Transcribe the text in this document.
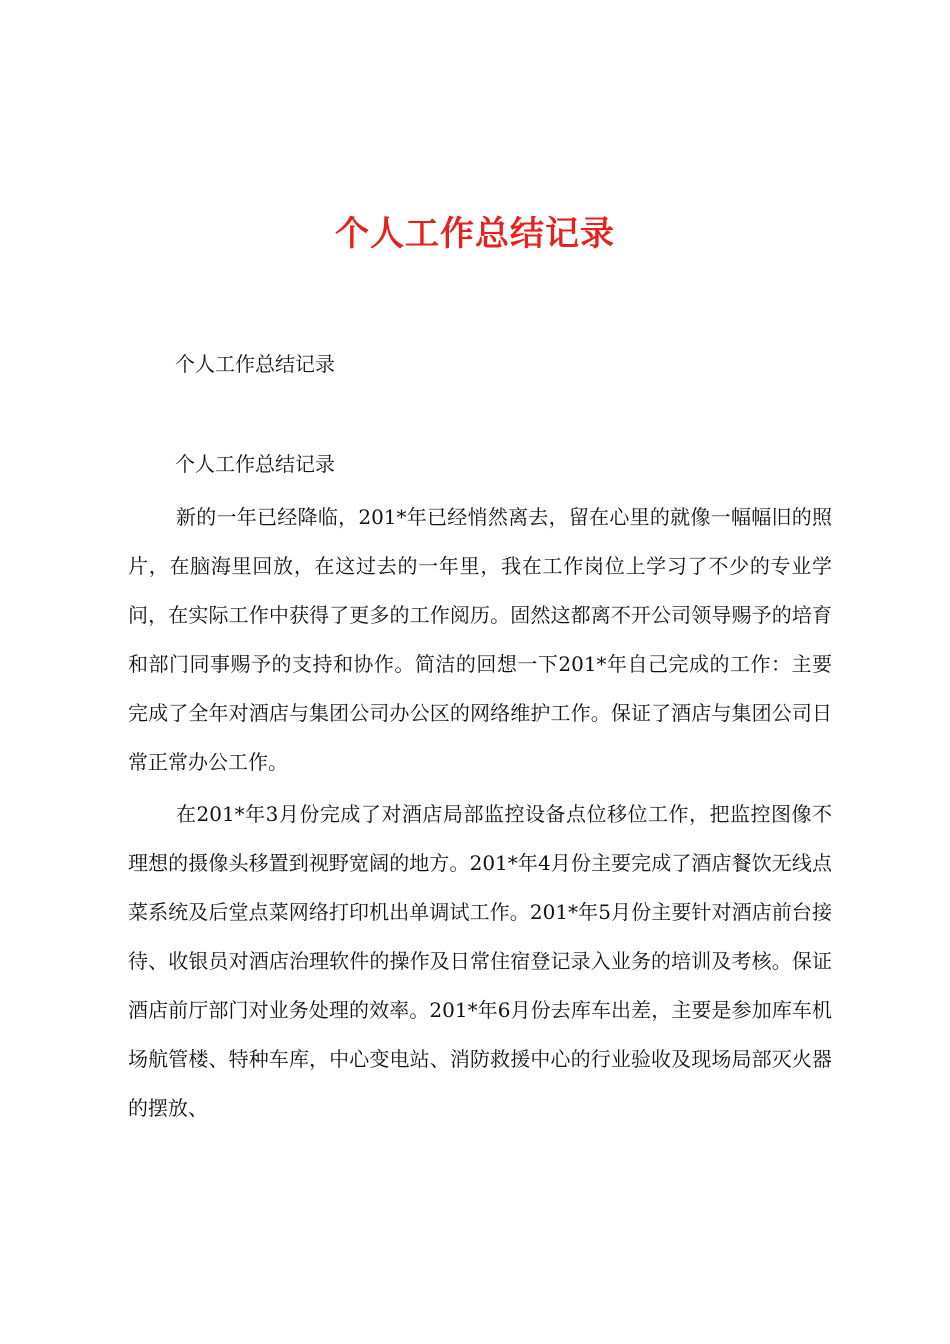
个人工作总结记录

个人工作总结记录

个人工作总结记录

新的一年已经降临，201*年已经悄然离去，留在心里的就像一幅幅旧的照片，在脑海里回放，在这过去的一年里，我在工作岗位上学习了不少的专业学问，在实际工作中获得了更多的工作阅历。固然这都离不开公司领导赐予的培育和部门同事赐予的支持和协作。简洁的回想一下201*年自己完成的工作：主要完成了全年对酒店与集团公司办公区的网络维护工作。保证了酒店与集团公司日常正常办公工作。

在201*年3月份完成了对酒店局部监控设备点位移位工作，把监控图像不理想的摄像头移置到视野宽阔的地方。201*年4月份主要完成了酒店餐饮无线点菜系统及后堂点菜网络打印机出单调试工作。201*年5月份主要针对酒店前台接待、收银员对酒店治理软件的操作及日常住宿登记录入业务的培训及考核。保证酒店前厅部门对业务处理的效率。201*年6月份去库车出差，主要是参加库车机场航管楼、特种车库，中心变电站、消防救援中心的行业验收及现场局部灭火器的摆放、
